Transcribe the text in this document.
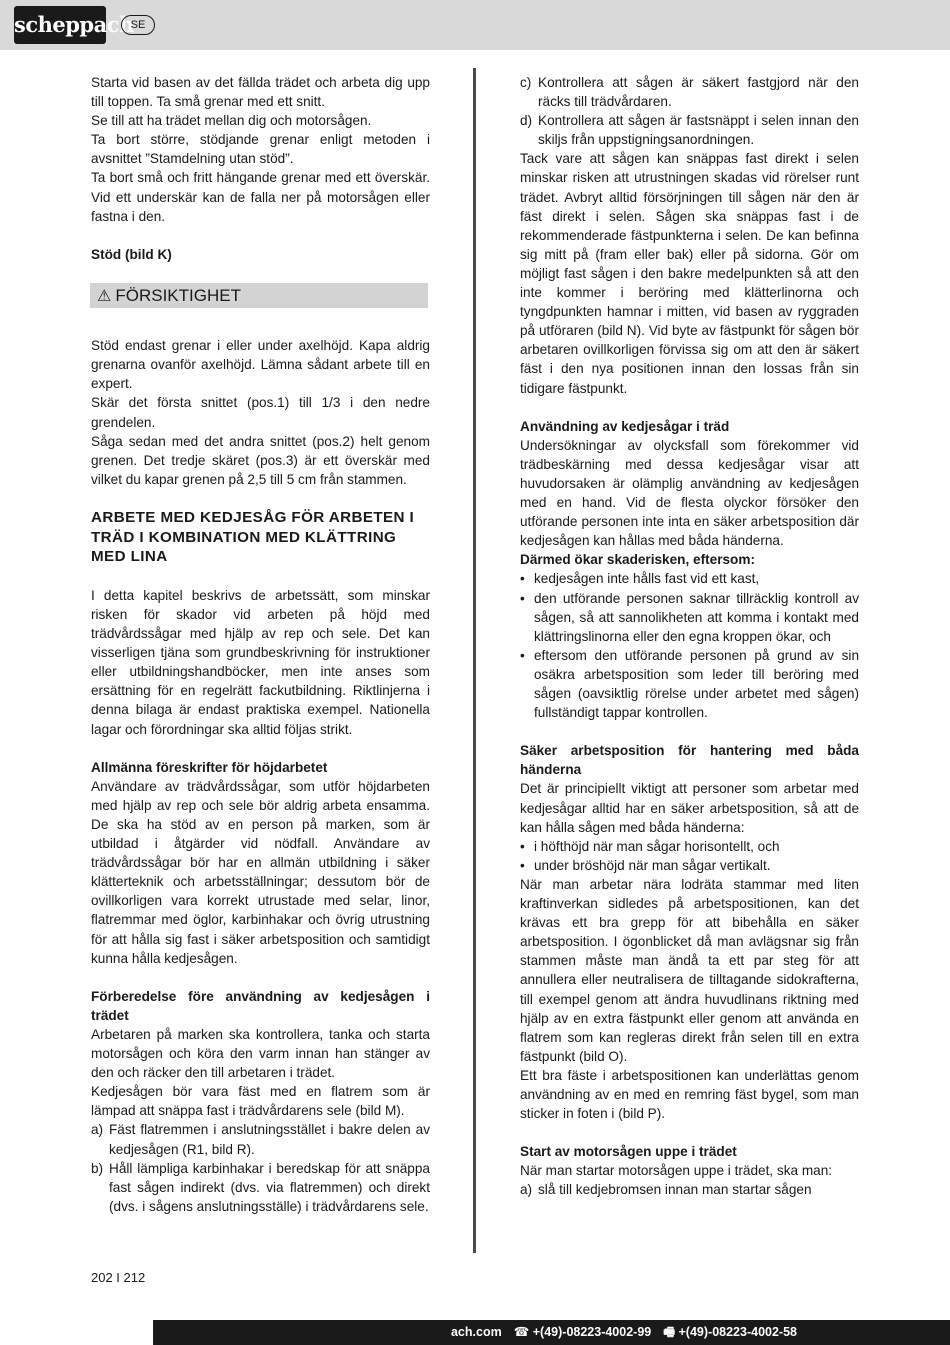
scheppach
SE

Starta vid basen av det fällda trädet och arbeta dig upp till toppen. Ta små grenar med ett snitt.

Se till att ha trädet mellan dig och motorsågen.

Ta bort större, stödjande grenar enligt metoden i avsnittet ”Stamdelning utan stöd”.

Ta bort små och fritt hängande grenar med ett överskär. Vid ett underskär kan de falla ner på motorsågen eller fastna i den.

Stöd (bild K)

⚠ FÖRSIKTIGHET

Stöd endast grenar i eller under axelhöjd. Kapa aldrig grenarna ovanför axelhöjd. Lämna sådant arbete till en expert.

Skär det första snittet (pos.1) till 1/3 i den nedre grendelen.

Såga sedan med det andra snittet (pos.2) helt genom grenen. Det tredje skäret (pos.3) är ett överskär med vilket du kapar grenen på 2,5 till 5 cm från stammen.

ARBETE MED KEDJESÅG FÖR ARBETEN I TRÄD I KOMBINATION MED KLÄTTRING MED LINA

I detta kapitel beskrivs de arbetssätt, som minskar risken för skador vid arbeten på höjd med trädvårdssågar med hjälp av rep och sele. Det kan visserligen tjäna som grundbeskrivning för instruktioner eller utbildningshandböcker, men inte anses som ersättning för en regelrätt fackutbildning. Riktlinjerna i denna bilaga är endast praktiska exempel. Nationella lagar och förordningar ska alltid följas strikt.

Allmänna föreskrifter för höjdarbetet

Användare av trädvårdssågar, som utför höjdarbeten med hjälp av rep och sele bör aldrig arbeta ensamma. De ska ha stöd av en person på marken, som är utbildad i åtgärder vid nödfall. Användare av trädvårdssågar bör har en allmän utbildning i säker klätterteknik och arbetsställningar; dessutom bör de ovillkorligen vara korrekt utrustade med selar, linor, flatremmar med öglor, karbinhakar och övrig utrustning för att hålla sig fast i säker arbetsposition och samtidigt kunna hålla kedjesågen.

Förberedelse före användning av kedjesågen i trädet

Arbetaren på marken ska kontrollera, tanka och starta motorsågen och köra den varm innan han stänger av den och räcker den till arbetaren i trädet.

Kedjesågen bör vara fäst med en flatrem som är lämpad att snäppa fast i trädvårdarens sele (bild M).

a) Fäst flatremmen i anslutningsstället i bakre delen av kedjesågen (R1, bild R).
b) Håll lämpliga karbinhakar i beredskap för att snäppa fast sågen indirekt (dvs. via flatremmen) och direkt (dvs. i sågens anslutningsställe) i trädvårdarens sele.
c) Kontrollera att sågen är säkert fastgjord när den räcks till trädvårdaren.
d) Kontrollera att sågen är fastsnäppt i selen innan den skiljs från uppstigningsanordningen.

Tack vare att sågen kan snäppas fast direkt i selen minskar risken att utrustningen skadas vid rörelser runt trädet. Avbryt alltid försörjningen till sågen när den är fäst direkt i selen. Sågen ska snäppas fast i de rekommenderade fästpunkterna i selen. De kan befinna sig mitt på (fram eller bak) eller på sidorna. Gör om möjligt fast sågen i den bakre medelpunkten så att den inte kommer i beröring med klätterlinorna och tyngdpunkten hamnar i mitten, vid basen av ryggraden på utföraren (bild N). Vid byte av fästpunkt för sågen bör arbetaren ovillkorligen förvissa sig om att den är säkert fäst i den nya positionen innan den lossas från sin tidigare fästpunkt.

Användning av kedjesågar i träd

Undersökningar av olycksfall som förekommer vid trädbeskärning med dessa kedjesågar visar att huvudorsaken är olämplig användning av kedjesågen med en hand. Vid de flesta olyckor försöker den utförande personen inte inta en säker arbetsposition där kedjesågen kan hållas med båda händerna.

Därmed ökar skaderisken, eftersom:

• kedjesågen inte hålls fast vid ett kast,
• den utförande personen saknar tillräcklig kontroll av sågen, så att sannolikheten att komma i kontakt med klättringslinorna eller den egna kroppen ökar, och
• eftersom den utförande personen på grund av sin osäkra arbetsposition som leder till beröring med sågen (oavsiktlig rörelse under arbetet med sågen) fullständigt tappar kontrollen.

Säker arbetsposition för hantering med båda händerna

Det är principiellt viktigt att personer som arbetar med kedjesågar alltid har en säker arbetsposition, så att de kan hålla sågen med båda händerna:

• i höfthöjd när man sågar horisontellt, och
• under bröshöjd när man sågar vertikalt.

När man arbetar nära lodräta stammar med liten kraftinverkan sidledes på arbetspositionen, kan det krävas ett bra grepp för att bibehålla en säker arbetsposition. I ögonblicket då man avlägsnar sig från stammen måste man ändå ta ett par steg för att annullera eller neutralisera de tilltagande sidokrafterna, till exempel genom att ändra huvudlinans riktning med hjälp av en extra fästpunkt eller genom att använda en flatrem som kan regleras direkt från selen till en extra fästpunkt (bild O).

Ett bra fäste i arbetspositionen kan underlättas genom användning av en med en remring fäst bygel, som man sticker in foten i (bild P).

Start av motorsågen uppe i trädet

När man startar motorsågen uppe i trädet, ska man:

a) slå till kedjebromsen innan man startar sågen
202 I 212
ach.com ☎ +(49)-08223-4002-99 🖷 +(49)-08223-4002-58
